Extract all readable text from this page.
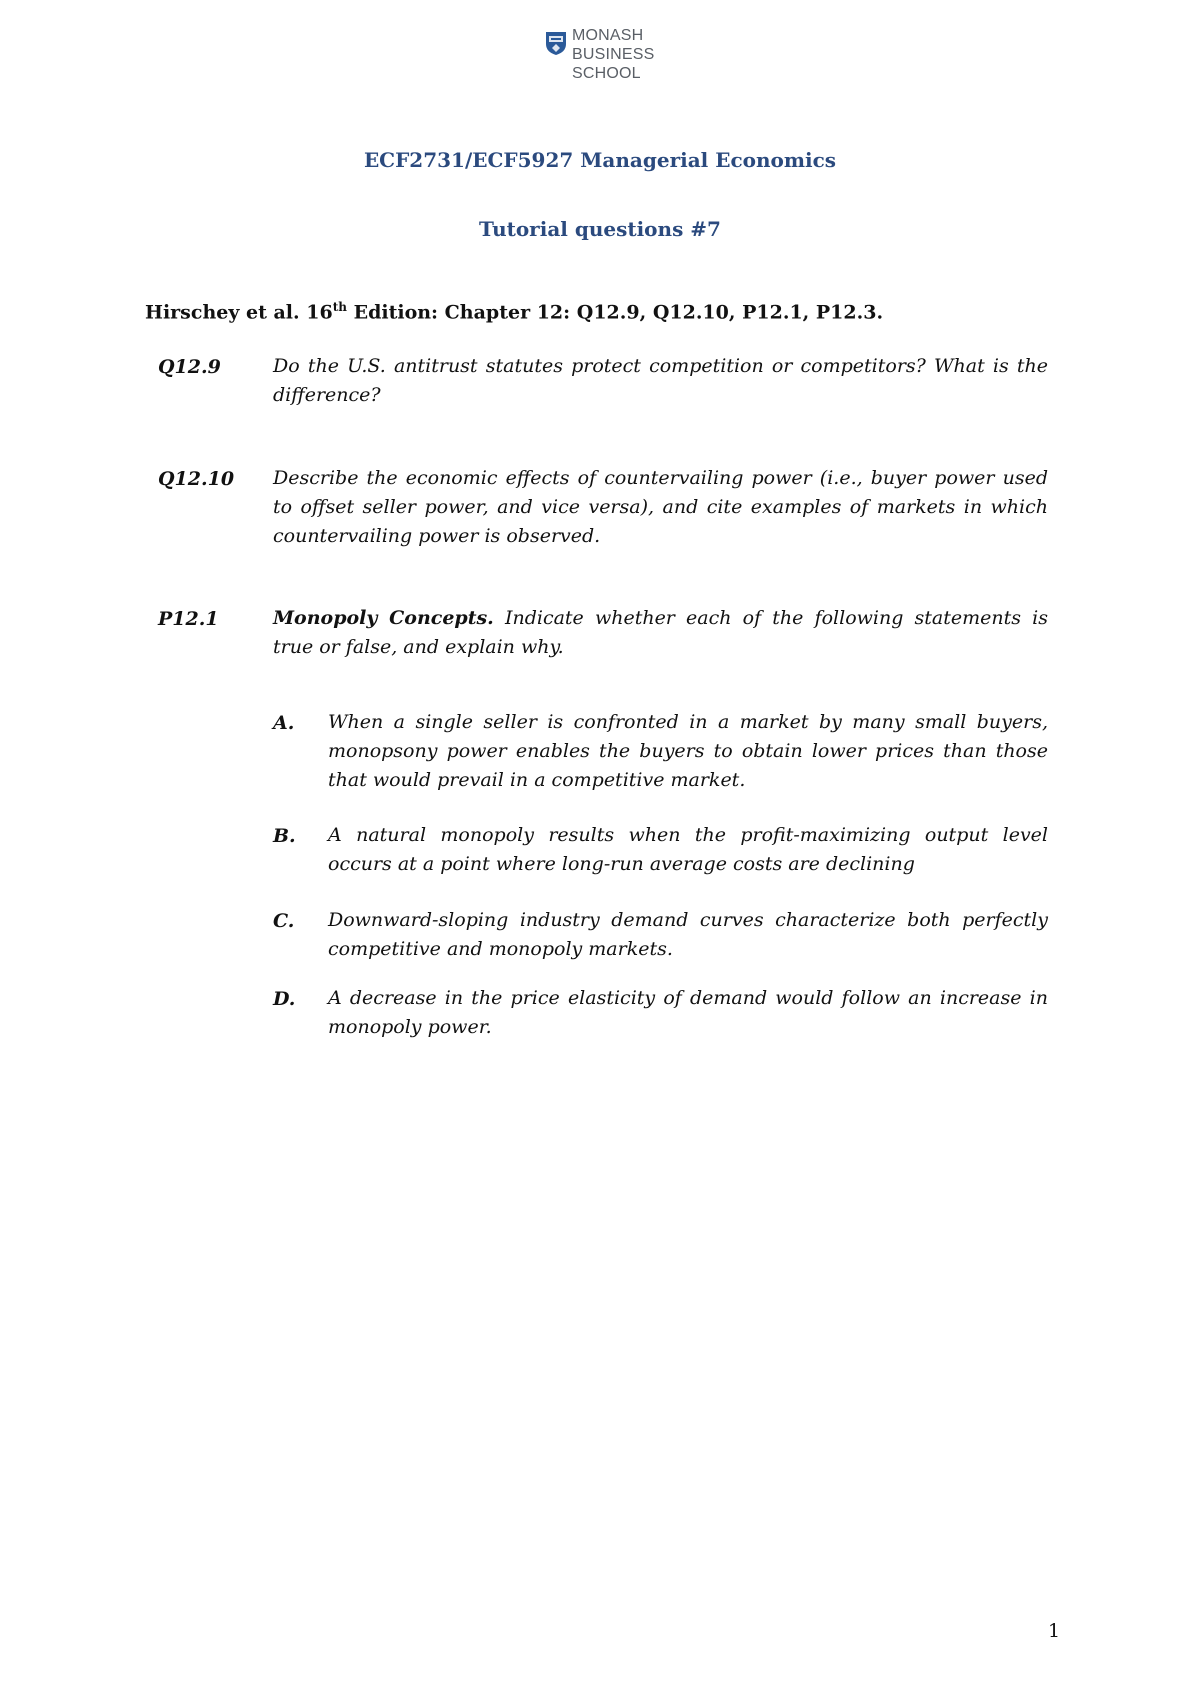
MONASH
BUSINESS
SCHOOL
ECF2731/ECF5927 Managerial Economics
Tutorial questions #7
Hirschey et al. 16th Edition: Chapter 12: Q12.9, Q12.10, P12.1, P12.3.
Q12.9	Do the U.S. antitrust statutes protect competition or competitors? What is the difference?
Q12.10 Describe the economic effects of countervailing power (i.e., buyer power used to offset seller power, and vice versa), and cite examples of markets in which countervailing power is observed.
P12.1	Monopoly Concepts. Indicate whether each of the following statements is true or false, and explain why.
A. When a single seller is confronted in a market by many small buyers, monopsony power enables the buyers to obtain lower prices than those that would prevail in a competitive market.
B. A natural monopoly results when the profit-maximizing output level occurs at a point where long-run average costs are declining
C. Downward-sloping industry demand curves characterize both perfectly competitive and monopoly markets.
D. A decrease in the price elasticity of demand would follow an increase in monopoly power.
1
